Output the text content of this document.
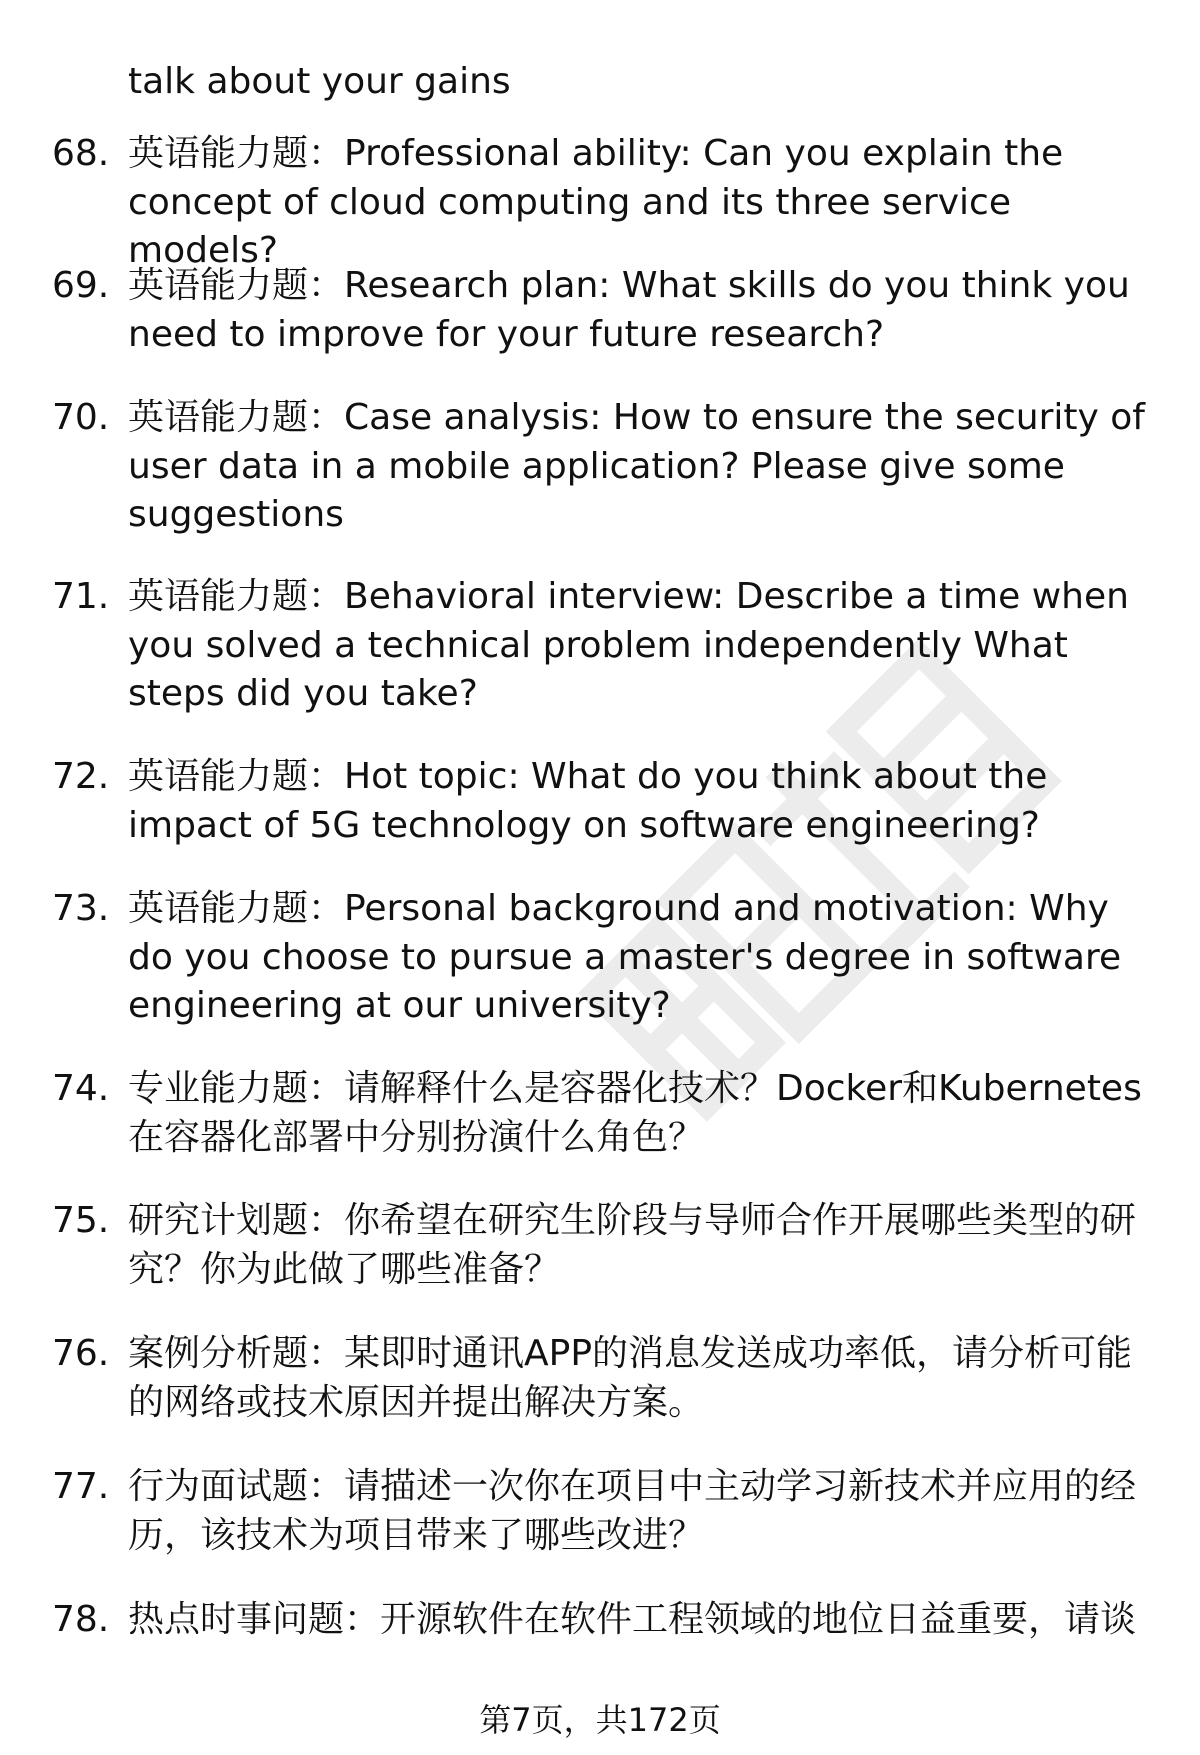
talk about your gains

68. 英语能力题：Professional ability: Can you explain the concept of cloud computing and its three service models?

69. 英语能力题：Research plan: What skills do you think you need to improve for your future research?

70. 英语能力题：Case analysis: How to ensure the security of user data in a mobile application? Please give some suggestions

71. 英语能力题：Behavioral interview: Describe a time when you solved a technical problem independently What steps did you take?

72. 英语能力题：Hot topic: What do you think about the impact of 5G technology on software engineering?

73. 英语能力题：Personal background and motivation: Why do you choose to pursue a master's degree in software engineering at our university?

74. 专业能力题：请解释什么是容器化技术？Docker和Kubernetes在容器化部署中分别扮演什么角色？

75. 研究计划题：你希望在研究生阶段与导师合作开展哪些类型的研究？你为此做了哪些准备？

76. 案例分析题：某即时通讯APP的消息发送成功率低，请分析可能的网络或技术原因并提出解决方案。

77. 行为面试题：请描述一次你在项目中主动学习新技术并应用的经历，该技术为项目带来了哪些改进？

78. 热点时事问题：开源软件在软件工程领域的地位日益重要，请谈

第7页，共172页
